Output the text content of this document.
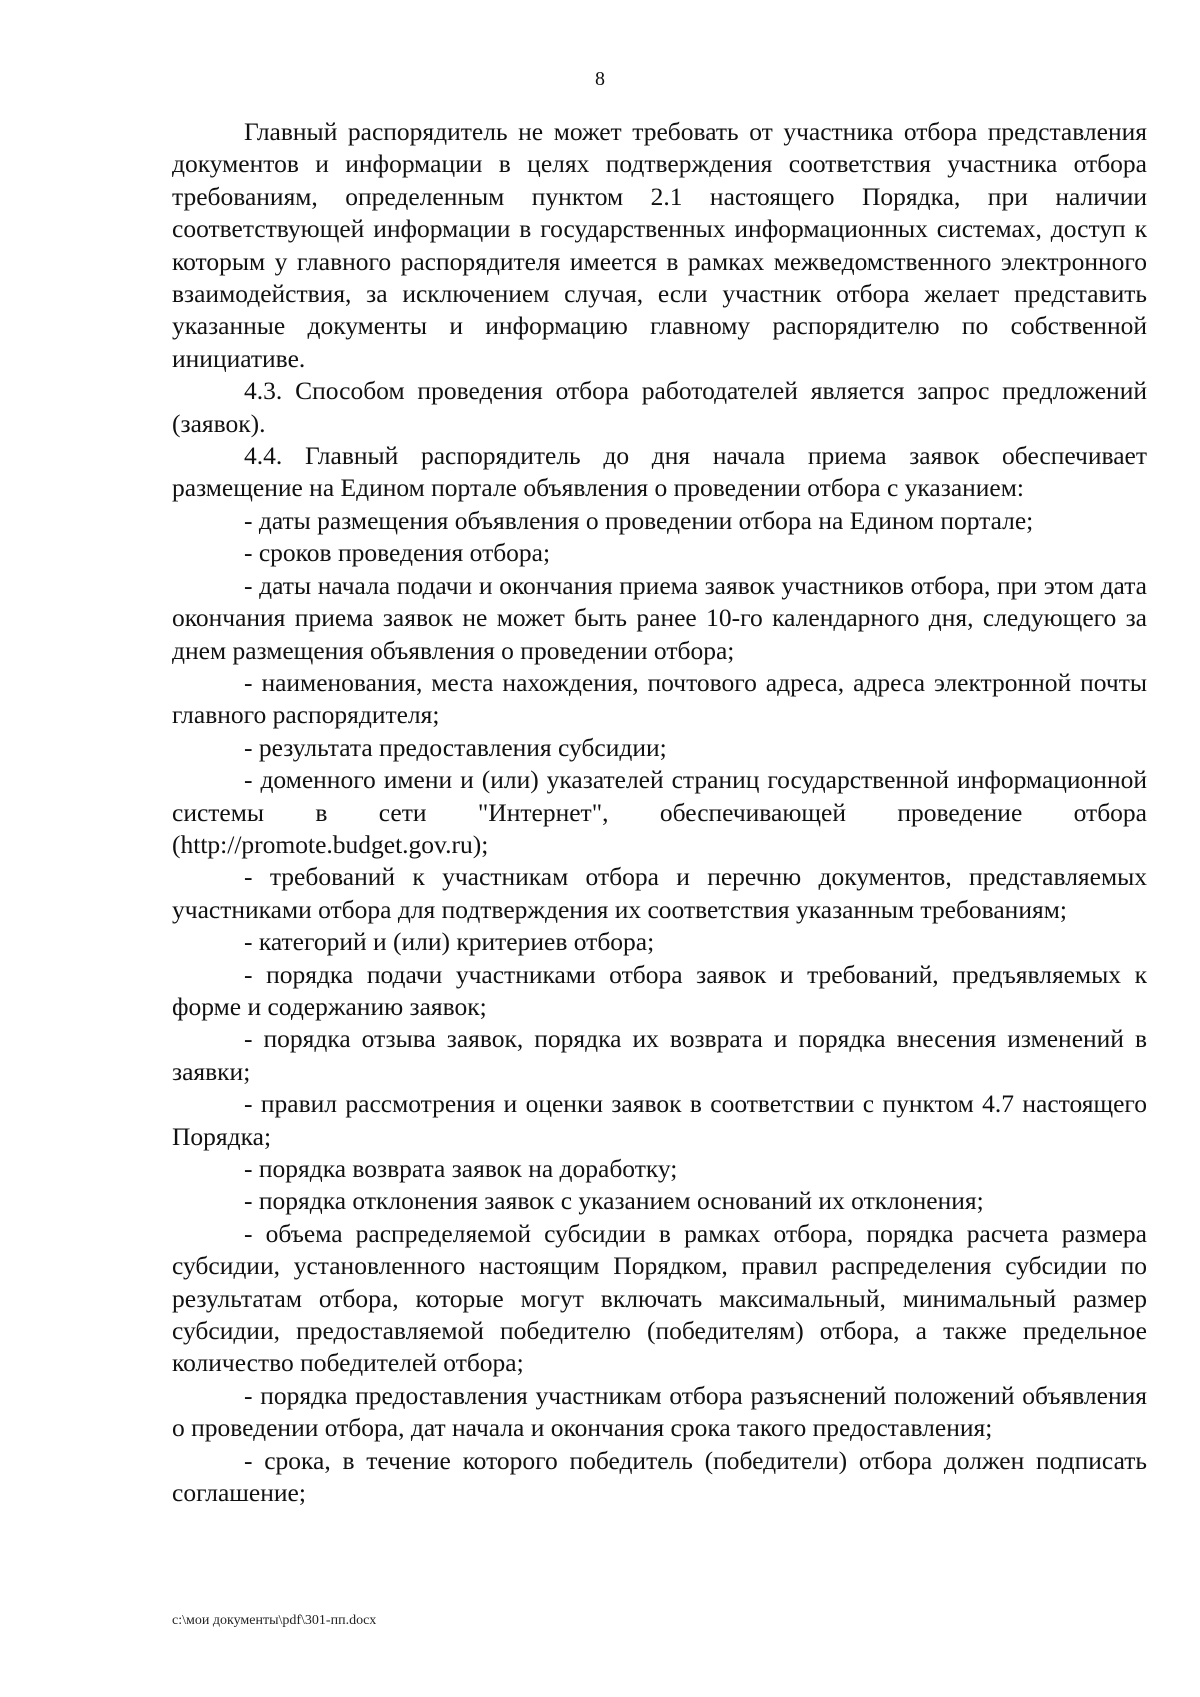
8

Главный распорядитель не может требовать от участника отбора представления документов и информации в целях подтверждения соответствия участника отбора требованиям, определенным пунктом 2.1 настоящего Порядка, при наличии соответствующей информации в государственных информационных системах, доступ к которым у главного распорядителя имеется в рамках межведомственного электронного взаимодействия, за исключением случая, если участник отбора желает представить указанные документы и информацию главному распорядителю по собственной инициативе.

4.3. Способом проведения отбора работодателей является запрос предложений (заявок).

4.4. Главный распорядитель до дня начала приема заявок обеспечивает размещение на Едином портале объявления о проведении отбора с указанием:

- даты размещения объявления о проведении отбора на Едином портале;

- сроков проведения отбора;

- даты начала подачи и окончания приема заявок участников отбора, при этом дата окончания приема заявок не может быть ранее 10-го календарного дня, следующего за днем размещения объявления о проведении отбора;

- наименования, места нахождения, почтового адреса, адреса электронной почты главного распорядителя;

- результата предоставления субсидии;

- доменного имени и (или) указателей страниц государственной информационной системы в сети "Интернет", обеспечивающей проведение отбора (http://promote.budget.gov.ru);

- требований к участникам отбора и перечню документов, представляемых участниками отбора для подтверждения их соответствия указанным требованиям;

- категорий и (или) критериев отбора;

- порядка подачи участниками отбора заявок и требований, предъявляемых к форме и содержанию заявок;

- порядка отзыва заявок, порядка их возврата и порядка внесения изменений в заявки;

- правил рассмотрения и оценки заявок в соответствии с пунктом 4.7 настоящего Порядка;

- порядка возврата заявок на доработку;

- порядка отклонения заявок с указанием оснований их отклонения;

- объема распределяемой субсидии в рамках отбора, порядка расчета размера субсидии, установленного настоящим Порядком, правил распределения субсидии по результатам отбора, которые могут включать максимальный, минимальный размер субсидии, предоставляемой победителю (победителям) отбора, а также предельное количество победителей отбора;

- порядка предоставления участникам отбора разъяснений положений объявления о проведении отбора, дат начала и окончания срока такого предоставления;

- срока, в течение которого победитель (победители) отбора должен подписать соглашение;

c:\мои документы\pdf\301-пп.docx
